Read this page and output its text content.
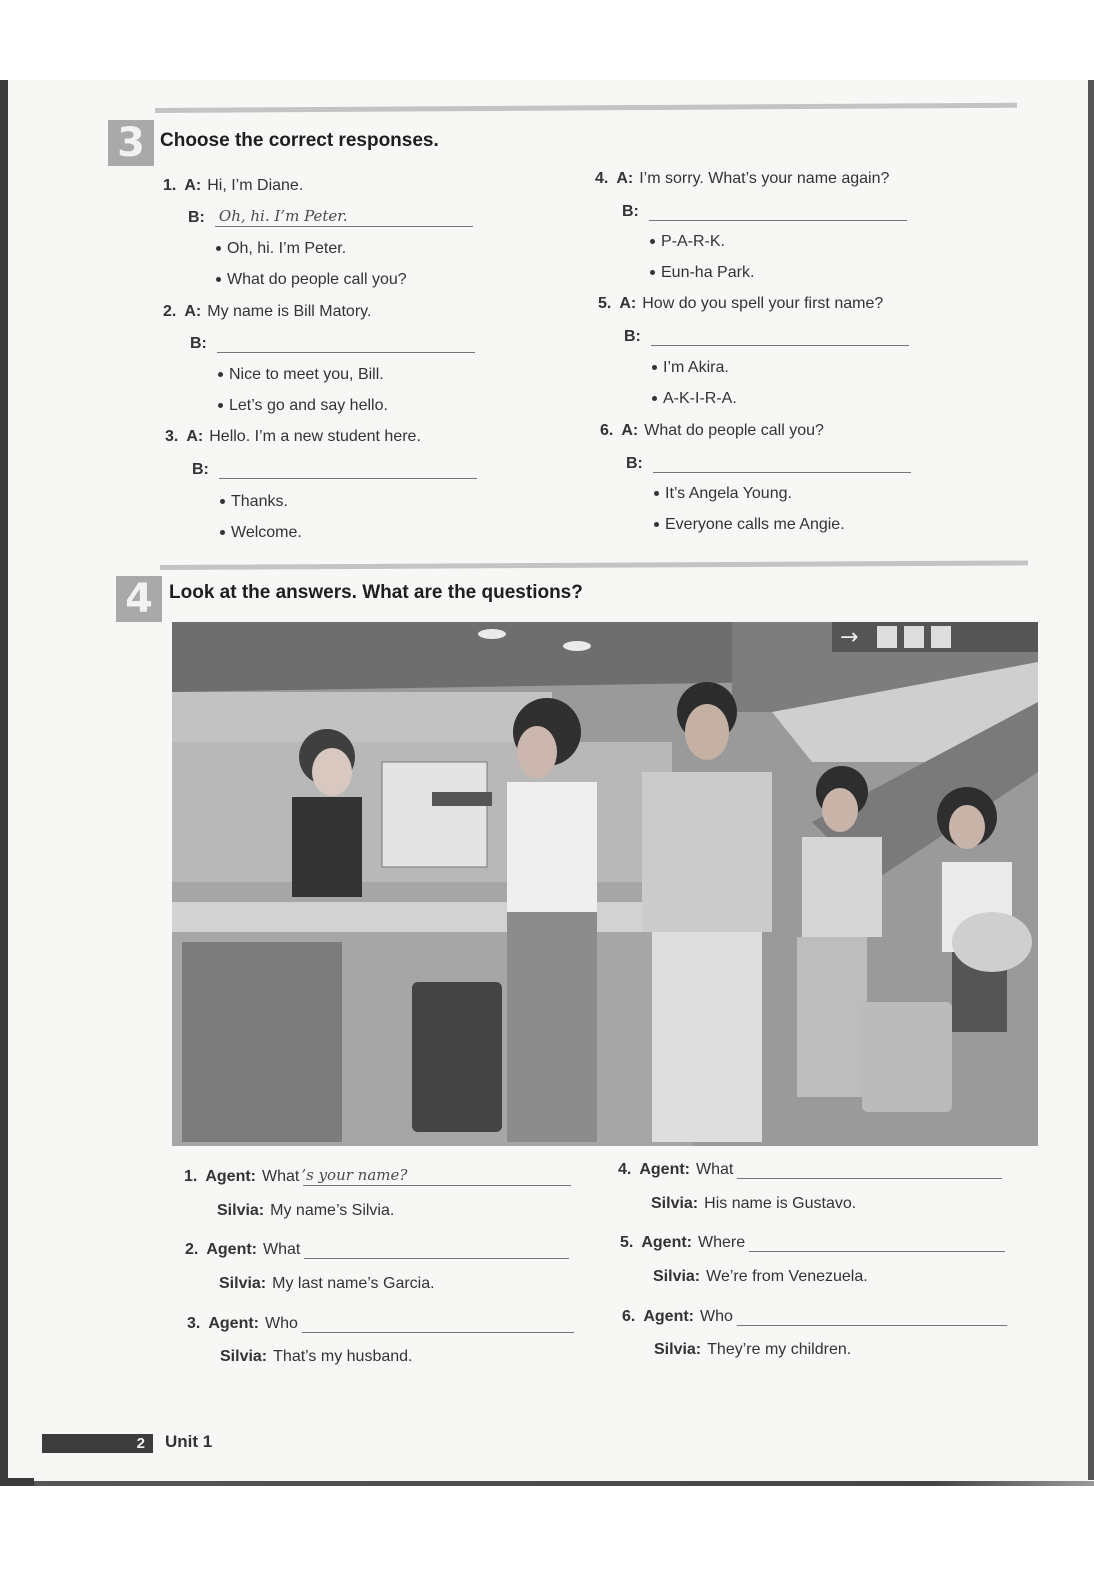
3 Choose the correct responses.
1. A: Hi, I’m Diane.
B: Oh, hi. I’m Peter.
Oh, hi. I’m Peter.
What do people call you?
2. A: My name is Bill Matory.
B:
Nice to meet you, Bill.
Let’s go and say hello.
3. A: Hello. I’m a new student here.
B:
Thanks.
Welcome.
4. A: I’m sorry. What’s your name again?
B:
P-A-R-K.
Eun-ha Park.
5. A: How do you spell your first name?
B:
I’m Akira.
A-K-I-R-A.
6. A: What do people call you?
B:
It’s Angela Young.
Everyone calls me Angie.
4 Look at the answers. What are the questions?
→
1. Agent: What ’s your name?
Silvia: My name’s Silvia.
2. Agent: What
Silvia: My last name’s Garcia.
3. Agent: Who
Silvia: That’s my husband.
4. Agent: What
Silvia: His name is Gustavo.
5. Agent: Where
Silvia: We’re from Venezuela.
6. Agent: Who
Silvia: They’re my children.
2	Unit 1
